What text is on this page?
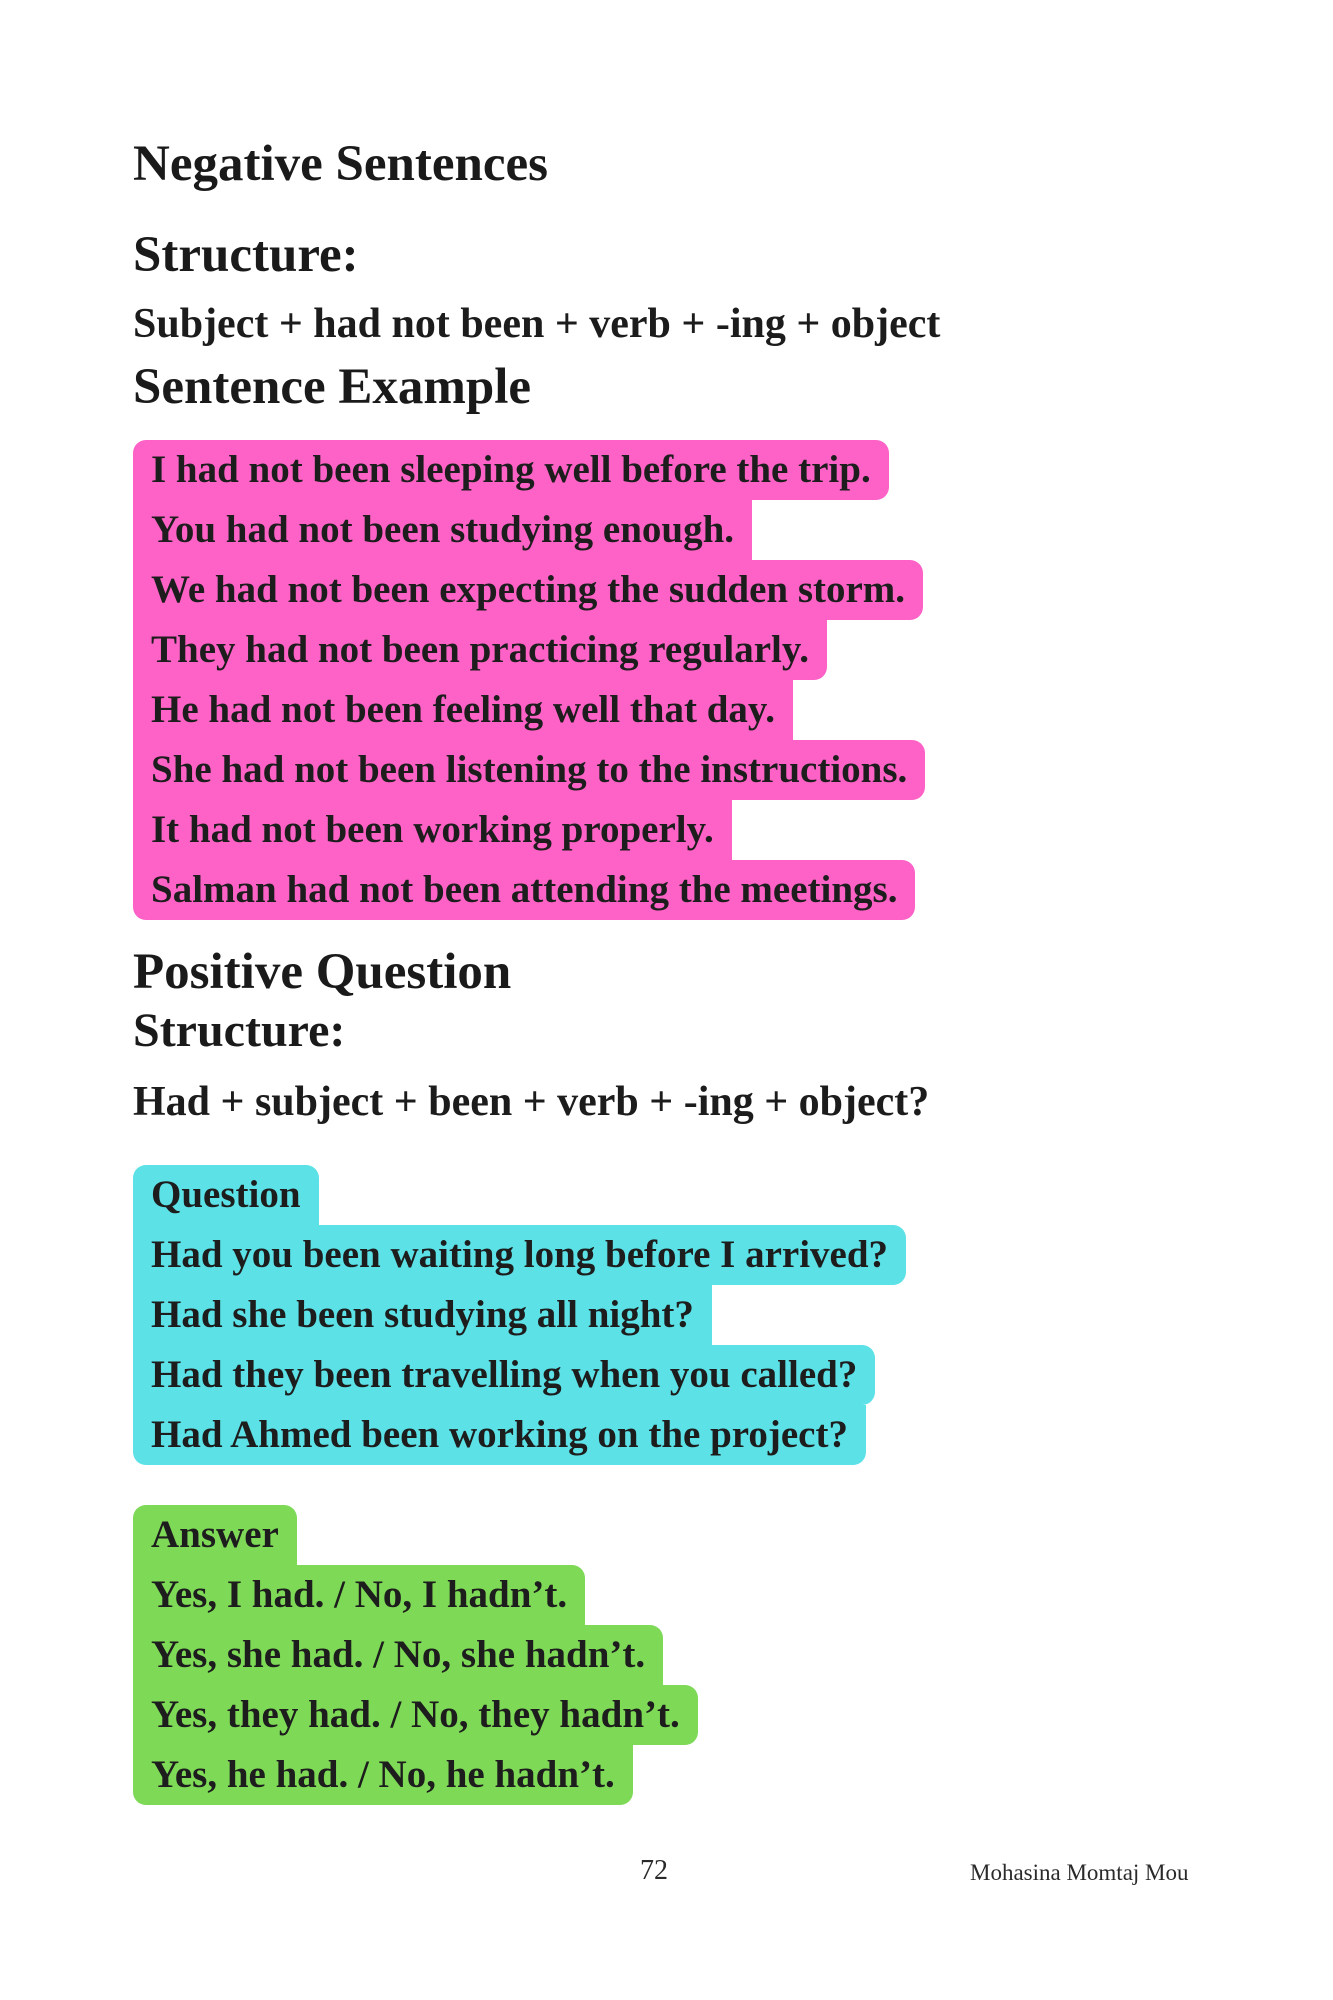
Negative Sentences
Structure:
Subject + had not been + verb + -ing + object
Sentence Example
I had not been sleeping well before the trip.
You had not been studying enough.
We had not been expecting the sudden storm.
They had not been practicing regularly.
He had not been feeling well that day.
She had not been listening to the instructions.
It had not been working properly.
Salman had not been attending the meetings.
Positive Question
Structure:
Had + subject + been + verb + -ing + object?
Question
Had you been waiting long before I arrived?
Had she been studying all night?
Had they been travelling when you called?
Had Ahmed been working on the project?
Answer
Yes, I had. / No, I hadn’t.
Yes, she had. / No, she hadn’t.
Yes, they had. / No, they hadn’t.
Yes, he had. / No, he hadn’t.
72	Mohasina Momtaj Mou
